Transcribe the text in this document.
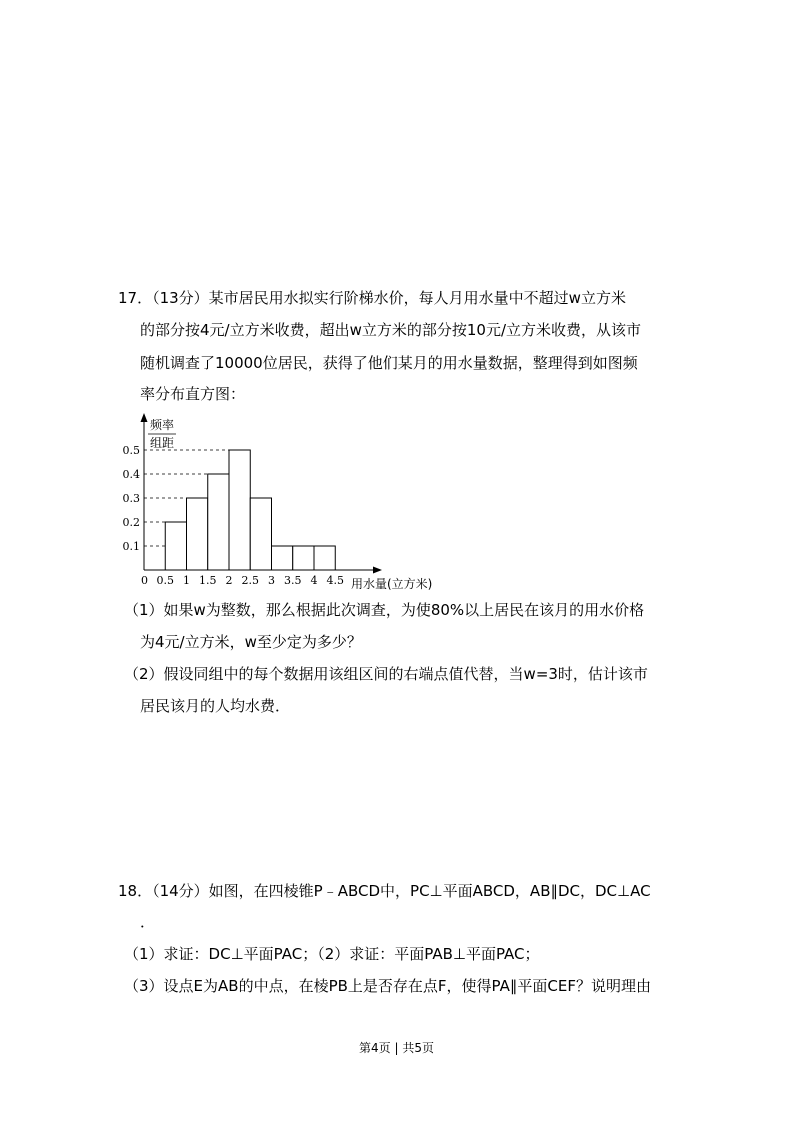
17．（13分）某市居民用水拟实行阶梯水价，每人月用水量中不超过w立方米
的部分按4元/立方米收费，超出w立方米的部分按10元/立方米收费，从该市
随机调查了10000位居民，获得了他们某月的用水量数据，整理得到如图频
率分布直方图：
频率
组距
用水量(立方米)
0
0.1
0.2
0.3
0.4
0.5
0.5 1 1.5 2 2.5 3 3.5 4 4.5
（1）如果w为整数，那么根据此次调查，为使80%以上居民在该月的用水价格
为4元/立方米，w至少定为多少？
（2）假设同组中的每个数据用该组区间的右端点值代替，当w=3时，估计该市
居民该月的人均水费．
18．（14分）如图，在四棱锥P﹣ABCD中，PC⊥平面ABCD，AB∥DC，DC⊥AC
．
（1）求证：DC⊥平面PAC；（2）求证：平面PAB⊥平面PAC；
（3）设点E为AB的中点，在棱PB上是否存在点F，使得PA∥平面CEF？说明理由
第4页 | 共5页
